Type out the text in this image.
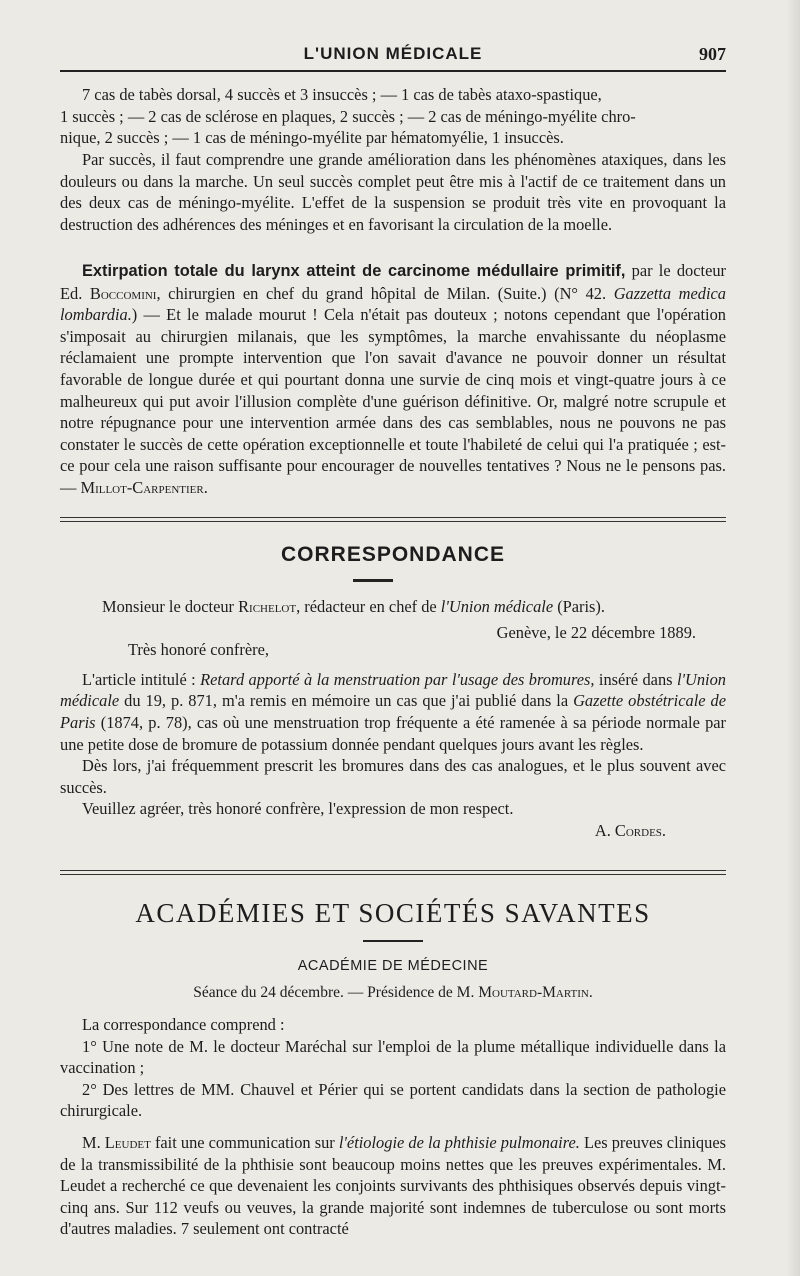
L'UNION MÉDICALE	907
7 cas de tabès dorsal, 4 succès et 3 insuccès ; — 1 cas de tabès ataxo-spastique,
1 succès ; — 2 cas de sclérose en plaques, 2 succès ; — 2 cas de méningo-myélite chro-
nique, 2 succès ; — 1 cas de méningo-myélite par hématomyélie, 1 insuccès.

Par succès, il faut comprendre une grande amélioration dans les phénomènes ataxiques, dans les douleurs ou dans la marche. Un seul succès complet peut être mis à l'actif de ce traitement dans un des deux cas de méningo-myélite. L'effet de la suspension se produit très vite en provoquant la destruction des adhérences des méninges et en favorisant la circulation de la moelle.

Extirpation totale du larynx atteint de carcinome médullaire primitif, par le docteur Ed. Boccomini, chirurgien en chef du grand hôpital de Milan. (Suite.) (N° 42. Gazzetta medica lombardia.) — Et le malade mourut ! Cela n'était pas douteux ; notons cependant que l'opération s'imposait au chirurgien milanais, que les symptômes, la marche envahissante du néoplasme réclamaient une prompte intervention que l'on savait d'avance ne pouvoir donner un résultat favorable de longue durée et qui pourtant donna une survie de cinq mois et vingt-quatre jours à ce malheureux qui put avoir l'illusion complète d'une guérison définitive. Or, malgré notre scrupule et notre répugnance pour une intervention armée dans des cas semblables, nous ne pouvons ne pas constater le succès de cette opération exceptionnelle et toute l'habileté de celui qui l'a pratiquée ; est-ce pour cela une raison suffisante pour encourager de nouvelles tentatives ? Nous ne le pensons pas. — Millot-Carpentier.

CORRESPONDANCE

Monsieur le docteur Richelot, rédacteur en chef de l'Union médicale (Paris).

Genève, le 22 décembre 1889.

Très honoré confrère,

L'article intitulé : Retard apporté à la menstruation par l'usage des bromures, inséré dans l'Union médicale du 19, p. 871, m'a remis en mémoire un cas que j'ai publié dans la Gazette obstétricale de Paris (1874, p. 78), cas où une menstruation trop fréquente a été ramenée à sa période normale par une petite dose de bromure de potassium donnée pendant quelques jours avant les règles.

Dès lors, j'ai fréquemment prescrit les bromures dans des cas analogues, et le plus souvent avec succès.

Veuillez agréer, très honoré confrère, l'expression de mon respect.

A. Cordes.

ACADÉMIES ET SOCIÉTÉS SAVANTES
ACADÉMIE DE MÉDECINE
Séance du 24 décembre. — Présidence de M. Moutard-Martin.

La correspondance comprend :

1° Une note de M. le docteur Maréchal sur l'emploi de la plume métallique individuelle dans la vaccination ;

2° Des lettres de MM. Chauvel et Périer qui se portent candidats dans la section de pathologie chirurgicale.

M. Leudet fait une communication sur l'étiologie de la phthisie pulmonaire. Les preuves cliniques de la transmissibilité de la phthisie sont beaucoup moins nettes que les preuves expérimentales. M. Leudet a recherché ce que devenaient les conjoints survivants des phthisiques observés depuis vingt-cinq ans. Sur 112 veufs ou veuves, la grande majorité sont indemnes de tuberculose ou sont morts d'autres maladies. 7 seulement ont contracté
